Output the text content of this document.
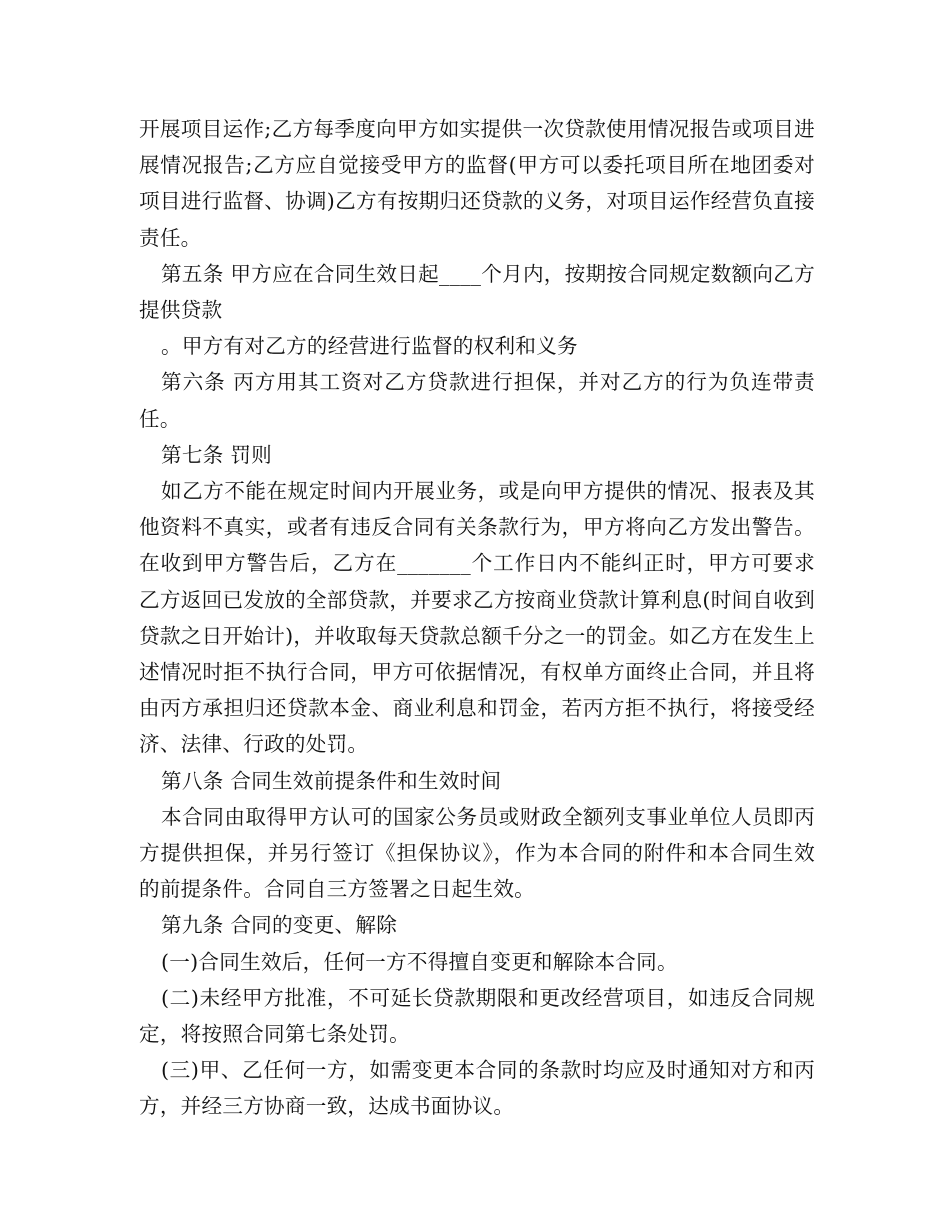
开展项目运作;乙方每季度向甲方如实提供一次贷款使用情况报告或项目进展情况报告;乙方应自觉接受甲方的监督(甲方可以委托项目所在地团委对项目进行监督、协调)乙方有按期归还贷款的义务，对项目运作经营负直接责任。

第五条 甲方应在合同生效日起____个月内，按期按合同规定数额向乙方提供贷款

。甲方有对乙方的经营进行监督的权利和义务

第六条 丙方用其工资对乙方贷款进行担保，并对乙方的行为负连带责任。

第七条 罚则

如乙方不能在规定时间内开展业务，或是向甲方提供的情况、报表及其他资料不真实，或者有违反合同有关条款行为，甲方将向乙方发出警告。在收到甲方警告后，乙方在_______个工作日内不能纠正时，甲方可要求乙方返回已发放的全部贷款，并要求乙方按商业贷款计算利息(时间自收到贷款之日开始计)，并收取每天贷款总额千分之一的罚金。如乙方在发生上述情况时拒不执行合同，甲方可依据情况，有权单方面终止合同，并且将由丙方承担归还贷款本金、商业利息和罚金，若丙方拒不执行，将接受经济、法律、行政的处罚。

第八条 合同生效前提条件和生效时间

本合同由取得甲方认可的国家公务员或财政全额列支事业单位人员即丙方提供担保，并另行签订《担保协议》，作为本合同的附件和本合同生效的前提条件。合同自三方签署之日起生效。

第九条 合同的变更、解除

(一)合同生效后，任何一方不得擅自变更和解除本合同。

(二)未经甲方批准，不可延长贷款期限和更改经营项目，如违反合同规定，将按照合同第七条处罚。

(三)甲、乙任何一方，如需变更本合同的条款时均应及时通知对方和丙方，并经三方协商一致，达成书面协议。
